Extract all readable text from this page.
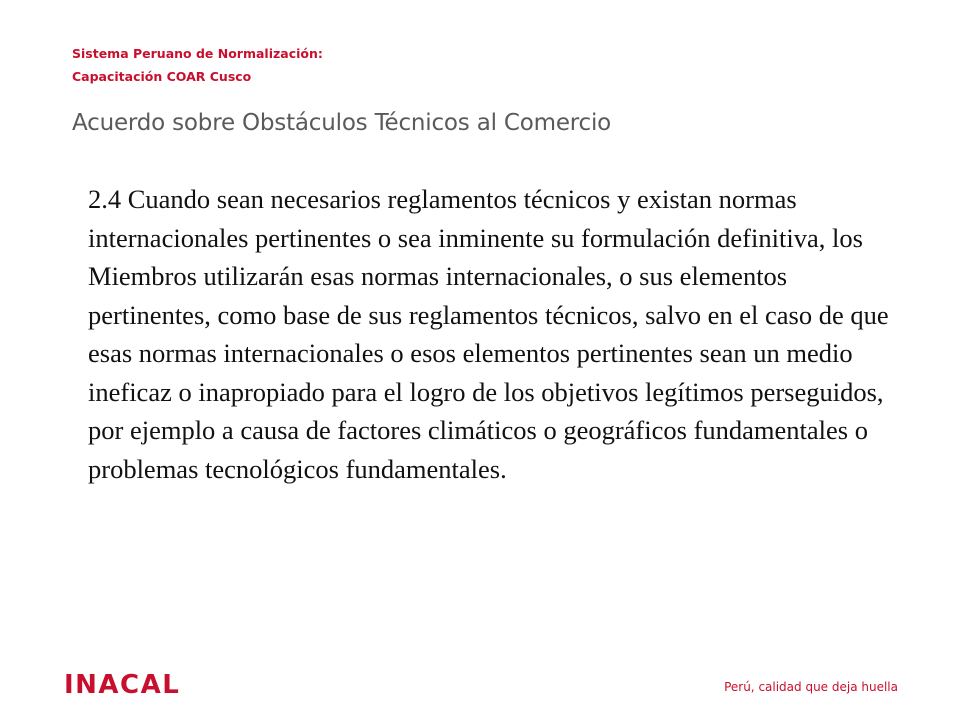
Sistema Peruano de Normalización:
Capacitación COAR Cusco
Acuerdo sobre Obstáculos Técnicos al Comercio
2.4 Cuando sean necesarios reglamentos técnicos y existan normas internacionales pertinentes o sea inminente su formulación definitiva, los Miembros utilizarán esas normas internacionales, o sus elementos pertinentes, como base de sus reglamentos técnicos, salvo en el caso de que esas normas internacionales o esos elementos pertinentes sean un medio ineficaz o inapropiado para el logro de los objetivos legítimos perseguidos, por ejemplo a causa de factores climáticos o geográficos fundamentales o problemas tecnológicos fundamentales.
INACAL	Perú, calidad que deja huella
